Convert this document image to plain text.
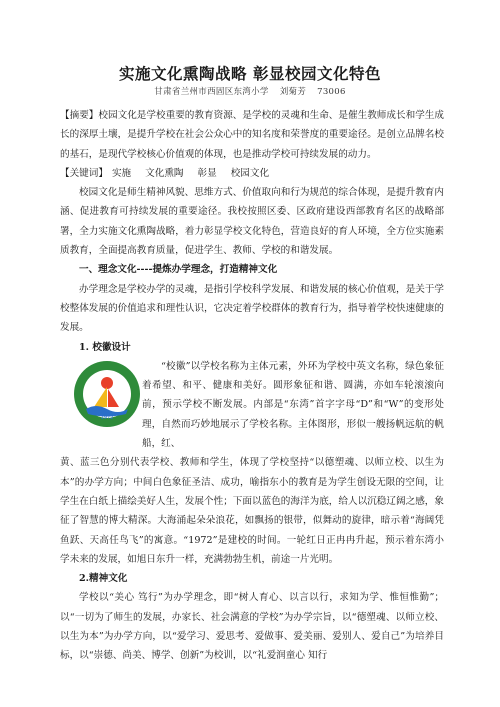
实施文化熏陶战略 彰显校园文化特色
甘肃省兰州市西固区东湾小学 刘菊芳 73006

【摘要】校园文化是学校重要的教育资源、是学校的灵魂和生命、是催生教师成长和学生成长的深厚土壤，是提升学校在社会公众心中的知名度和荣誉度的重要途径。是创立品牌名校的基石，是现代学校核心价值观的体现，也是推动学校可持续发展的动力。

【关键词】 实施 文化熏陶 彰显 校园文化

校园文化是师生精神风貌、思维方式、价值取向和行为规范的综合体现，是提升教育内涵、促进教育可持续发展的重要途径。我校按照区委、区政府建设西部教育名区的战略部署，全力实施文化熏陶战略，着力彰显学校文化特色，营造良好的育人环境，全方位实施素质教育，全面提高教育质量，促进学生、教师、学校的和谐发展。

一、理念文化----提炼办学理念，打造精神文化

办学理念是学校办学的灵魂，是指引学校科学发展、和谐发展的核心价值观，是关于学校整体发展的价值追求和理性认识，它决定着学校群体的教育行为，指导着学校快速健康的发展。

1. 校徽设计

1972

“校徽”以学校名称为主体元素，外环为学校中英文名称，绿色象征着希望、和平、健康和美好。圆形象征和谐、圆满，亦如车轮滚滚向前，预示学校不断发展。内部是“东湾”首字字母“D”和“W”的变形处理，自然而巧妙地展示了学校名称。主体图形，形似一艘扬帆远航的帆船，红、

黄、蓝三色分别代表学校、教师和学生，体现了学校坚持“以德塑魂、以师立校、以生为本”的办学方向；中间白色象征圣洁、成功，喻指东小的教育是为学生创设无限的空间，让学生在白纸上描绘美好人生，发展个性；下面以蓝色的海洋为底，给人以沉稳辽阔之感，象征了智慧的博大精深。大海涌起朵朵浪花，如飘扬的银带，似舞动的旋律，暗示着“海阔凭鱼跃、天高任鸟飞”的寓意。“1972”是建校的时间。一轮红日正冉冉升起，预示着东湾小学未来的发展，如旭日东升一样，充满勃勃生机，前途一片光明。

2.精神文化

学校以“美心 笃行”为办学理念，即“树人育心、以言以行，求知为学、惟恒惟勤”；以“一切为了师生的发展，办家长、社会满意的学校”为办学宗旨，以“德塑魂、以师立校、以生为本”为办学方向，以“爱学习、爱思考、爱做事、爱美丽、爱别人、爱自己”为培养目标，以“崇德、尚美、博学、创新”为校训，以“礼爱润童心 知行
